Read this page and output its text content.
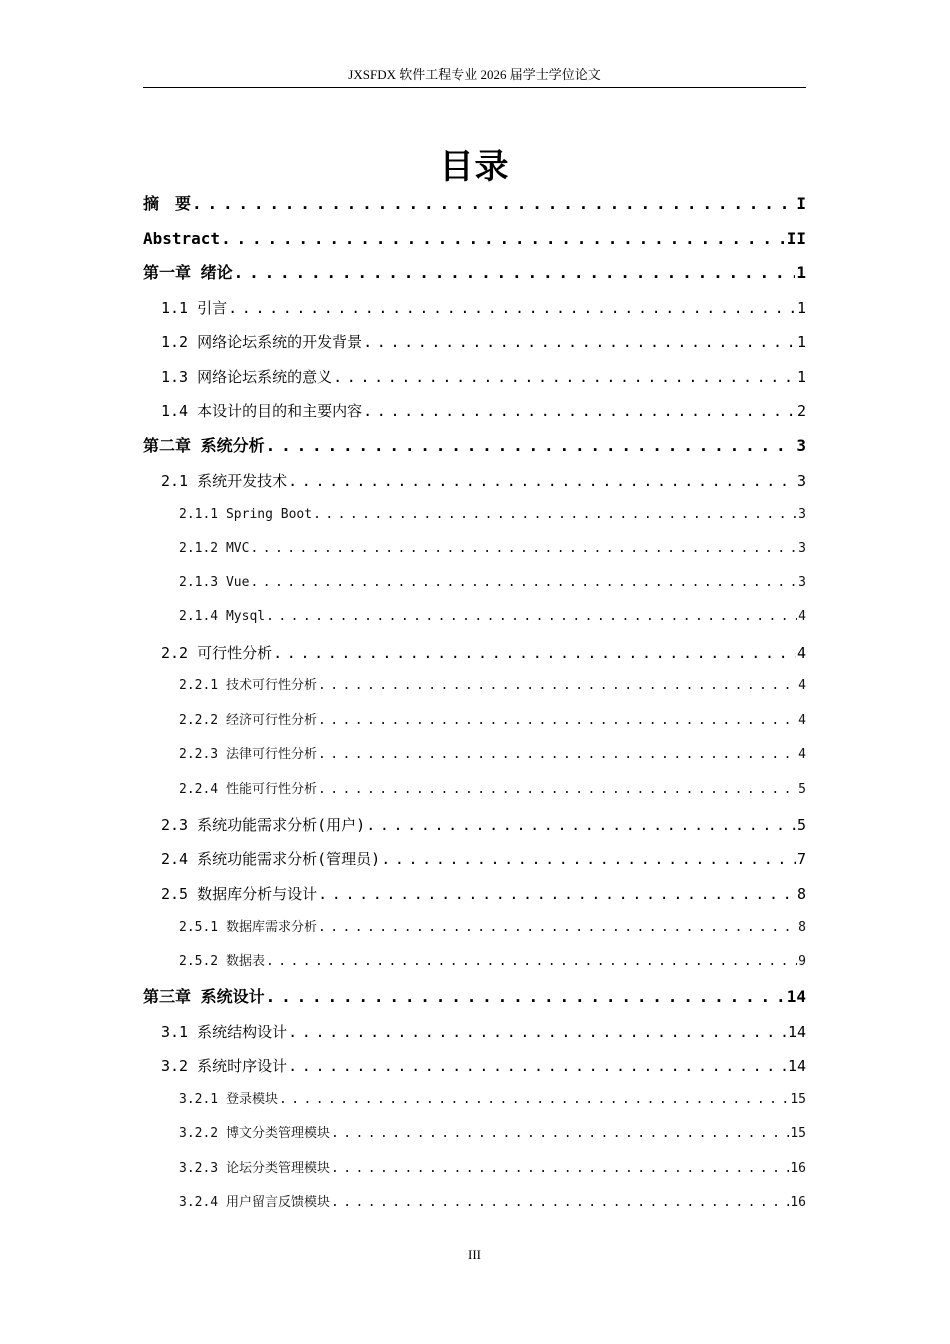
JXSFDX 软件工程专业 2026 届学士学位论文
目录
摘　要 . . .	I
Abstract . . .	II
第一章 绪论 . . .	1
1.1 引言 . . .	1
1.2 网络论坛系统的开发背景 . . .	1
1.3 网络论坛系统的意义 . . .	1
1.4 本设计的目的和主要内容 . . .	2
第二章 系统分析 . . .	3
2.1 系统开发技术 . . .	3
2.1.1 Spring Boot . . .	3
2.1.2 MVC . . .	3
2.1.3 Vue . . .	3
2.1.4 Mysql . . .	4
2.2 可行性分析 . . .	4
2.2.1 技术可行性分析 . . .	4
2.2.2 经济可行性分析 . . .	4
2.2.3 法律可行性分析 . . .	4
2.2.4 性能可行性分析 . . .	5
2.3 系统功能需求分析(用户) . . .	5
2.4 系统功能需求分析(管理员) . . .	7
2.5 数据库分析与设计 . . .	8
2.5.1 数据库需求分析 . . .	8
2.5.2 数据表 . . .	9
第三章 系统设计 . . .	14
3.1 系统结构设计 . . .	14
3.2 系统时序设计 . . .	14
3.2.1 登录模块 . . .	15
3.2.2 博文分类管理模块 . . .	15
3.2.3 论坛分类管理模块 . . .	16
3.2.4 用户留言反馈模块 . . .	16
III
